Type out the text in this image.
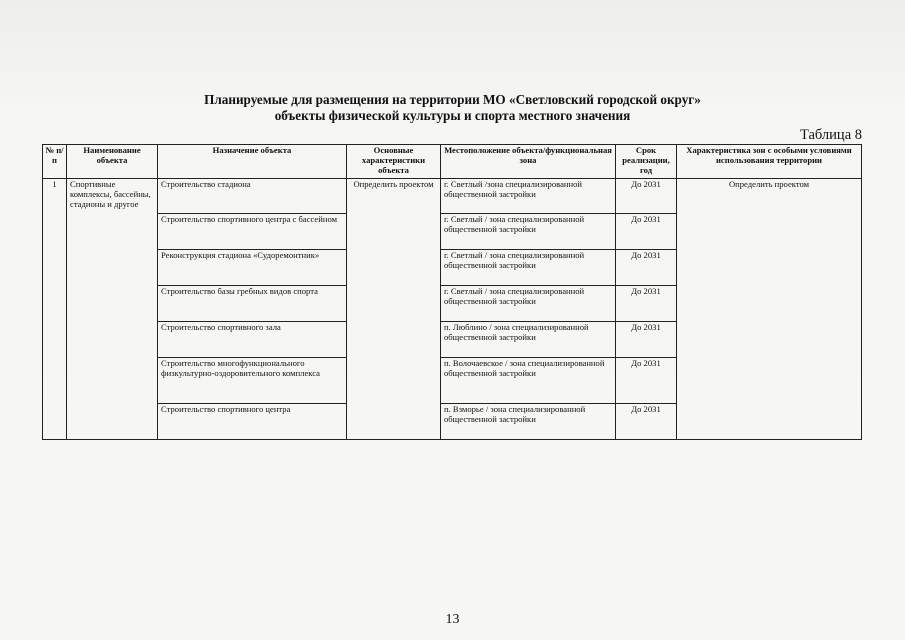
Планируемые для размещения на территории МО «Светловский городской округ»
объекты физической культуры и спорта местного значения
Таблица 8
№ п/п	Наименование объекта	Назначение объекта	Основные характеристики объекта	Местоположение объекта/функциональная зона	Срок реализации, год	Характеристика зон с особыми условиями использования территории
1	Спортивные комплексы, бассейны, стадионы и другое	Строительство стадиона	Определить проектом	г. Светлый /зона специализированной общественной застройки	До 2031	Определить проектом
		Строительство спортивного центра с бассейном		г. Светлый / зона специализированной общественной застройки	До 2031	
		Реконструкция стадиона «Судоремонтник»		г. Светлый / зона специализированной общественной застройки	До 2031	
		Строительство базы гребных видов спорта		г. Светлый / зона специализированной общественной застройки	До 2031	
		Строительство спортивного зала		п. Люблино / зона специализированной общественной застройки	До 2031	
		Строительство многофункционального физкультурно-оздоровительного комплекса		п. Волочаевское / зона специализированной общественной застройки	До 2031	
		Строительство спортивного центра		п. Взморье / зона специализированной общественной застройки	До 2031	
13
